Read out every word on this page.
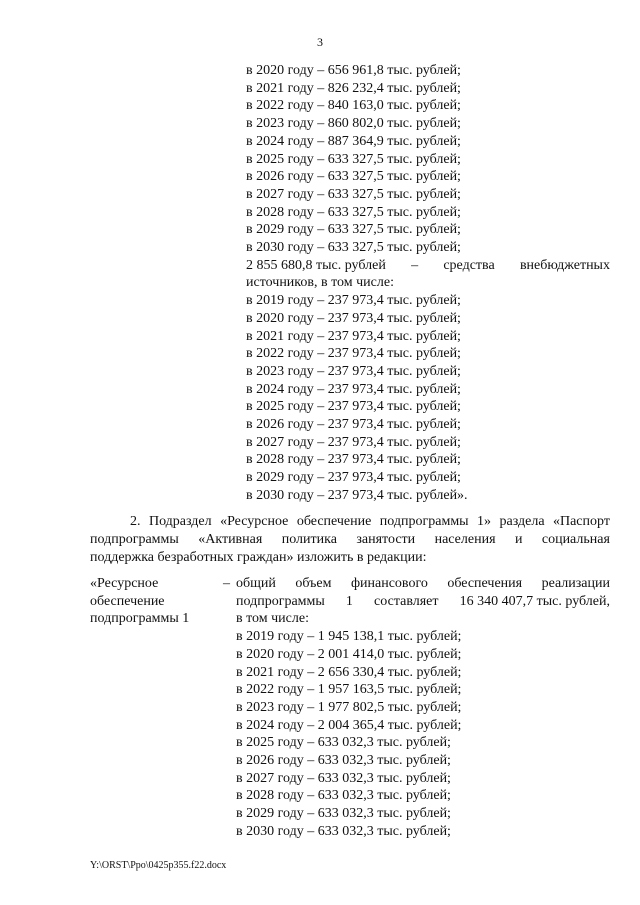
3
в 2020 году – 656 961,8 тыс. рублей;
в 2021 году – 826 232,4 тыс. рублей;
в 2022 году – 840 163,0 тыс. рублей;
в 2023 году – 860 802,0 тыс. рублей;
в 2024 году – 887 364,9 тыс. рублей;
в 2025 году – 633 327,5 тыс. рублей;
в 2026 году – 633 327,5 тыс. рублей;
в 2027 году – 633 327,5 тыс. рублей;
в 2028 году – 633 327,5 тыс. рублей;
в 2029 году – 633 327,5 тыс. рублей;
в 2030 году – 633 327,5 тыс. рублей;
2 855 680,8 тыс. рублей – средства внебюджетных
источников, в том числе:
в 2019 году – 237 973,4 тыс. рублей;
в 2020 году – 237 973,4 тыс. рублей;
в 2021 году – 237 973,4 тыс. рублей;
в 2022 году – 237 973,4 тыс. рублей;
в 2023 году – 237 973,4 тыс. рублей;
в 2024 году – 237 973,4 тыс. рублей;
в 2025 году – 237 973,4 тыс. рублей;
в 2026 году – 237 973,4 тыс. рублей;
в 2027 году – 237 973,4 тыс. рублей;
в 2028 году – 237 973,4 тыс. рублей;
в 2029 году – 237 973,4 тыс. рублей;
в 2030 году – 237 973,4 тыс. рублей».
2. Подраздел «Ресурсное обеспечение подпрограммы 1» раздела «Паспорт
подпрограммы «Активная политика занятости населения и социальная
поддержка безработных граждан» изложить в редакции:
«Ресурсное
обеспечение
подпрограммы 1
– общий объем финансового обеспечения реализации
подпрограммы 1 составляет 16 340 407,7 тыс. рублей,
в том числе:
в 2019 году – 1 945 138,1 тыс. рублей;
в 2020 году – 2 001 414,0 тыс. рублей;
в 2021 году – 2 656 330,4 тыс. рублей;
в 2022 году – 1 957 163,5 тыс. рублей;
в 2023 году – 1 977 802,5 тыс. рублей;
в 2024 году – 2 004 365,4 тыс. рублей;
в 2025 году – 633 032,3 тыс. рублей;
в 2026 году – 633 032,3 тыс. рублей;
в 2027 году – 633 032,3 тыс. рублей;
в 2028 году – 633 032,3 тыс. рублей;
в 2029 году – 633 032,3 тыс. рублей;
в 2030 году – 633 032,3 тыс. рублей;
Y:\ORST\Ppo\0425p355.f22.docx
